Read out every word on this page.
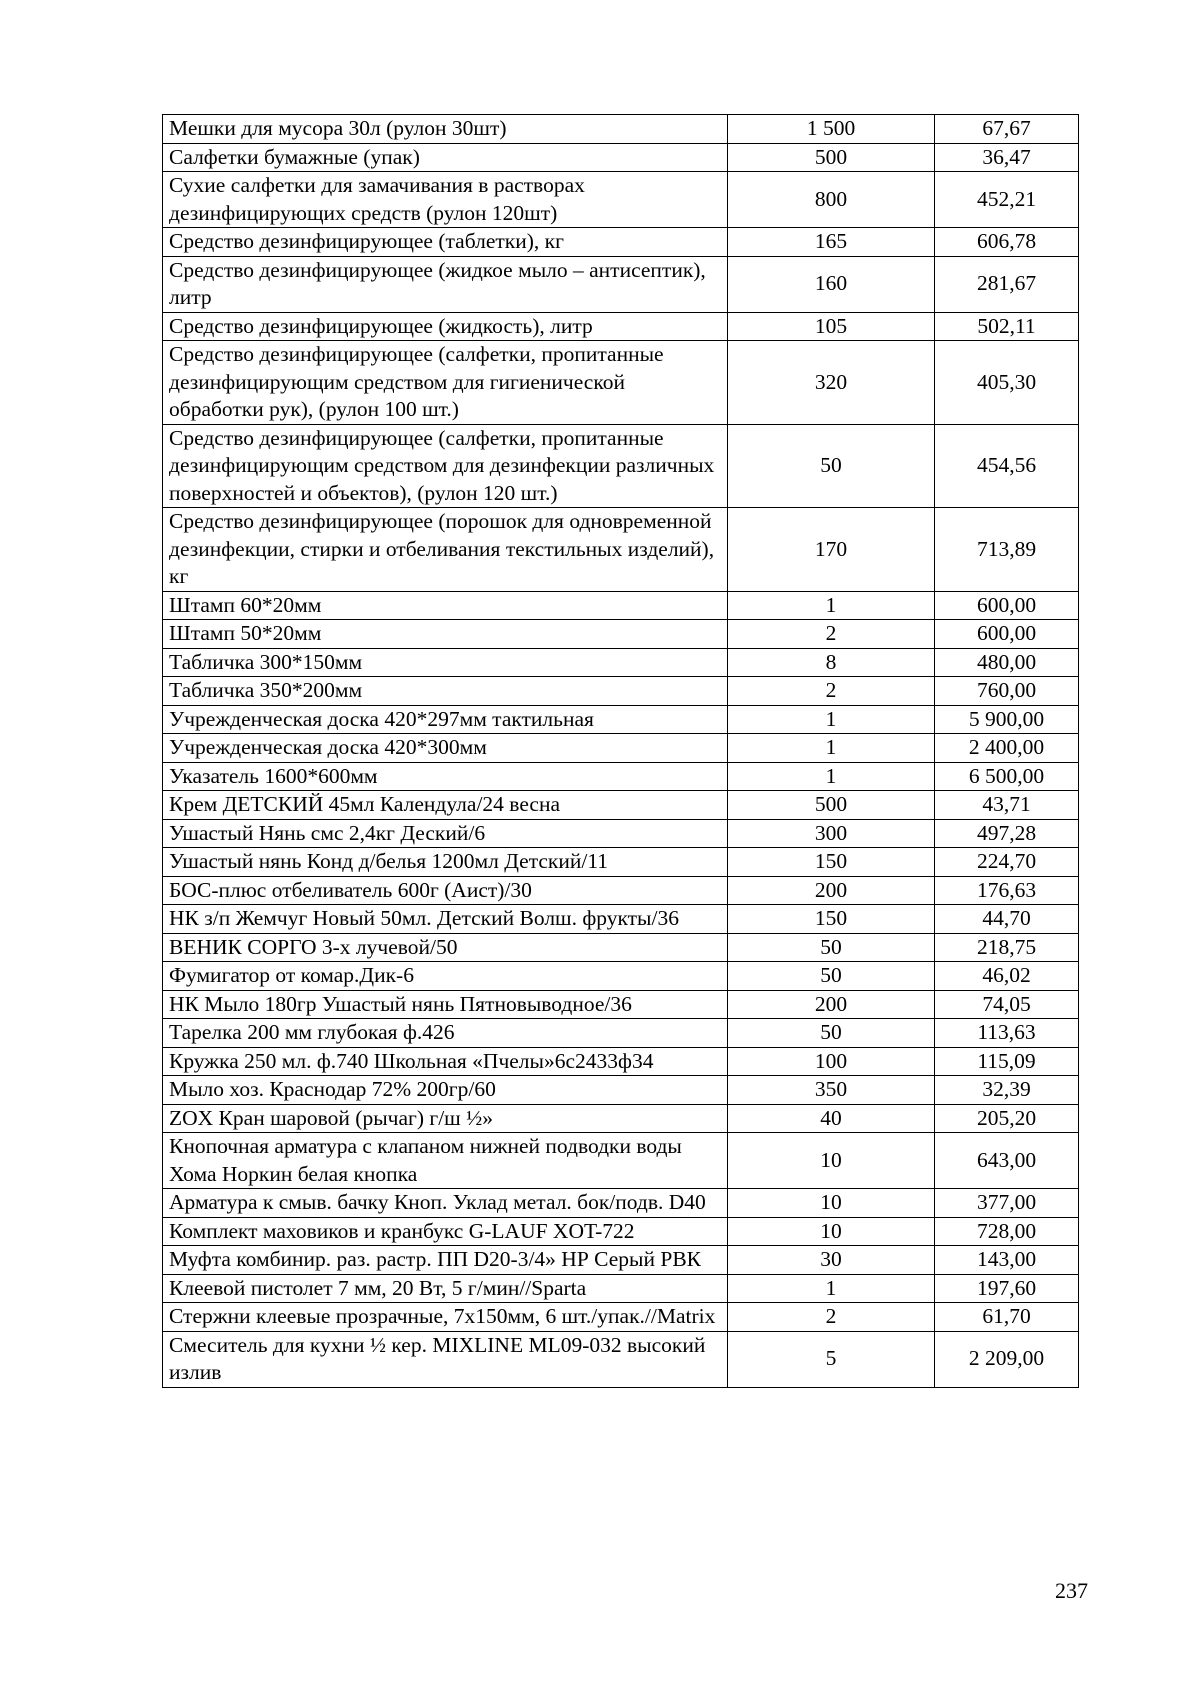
Мешки для мусора 30л (рулон 30шт)	1 500	67,67
Салфетки бумажные (упак)	500	36,47
Сухие салфетки для замачивания в растворах дезинфицирующих средств (рулон 120шт)	800	452,21
Средство дезинфицирующее (таблетки), кг	165	606,78
Средство дезинфицирующее (жидкое мыло – антисептик), литр	160	281,67
Средство дезинфицирующее (жидкость), литр	105	502,11
Средство дезинфицирующее (салфетки, пропитанные дезинфицирующим средством для гигиенической обработки рук), (рулон 100 шт.)	320	405,30
Средство дезинфицирующее (салфетки, пропитанные дезинфицирующим средством для дезинфекции различных поверхностей и объектов), (рулон 120 шт.)	50	454,56
Средство дезинфицирующее (порошок для одновременной дезинфекции, стирки и отбеливания текстильных изделий), кг	170	713,89
Штамп 60*20мм	1	600,00
Штамп 50*20мм	2	600,00
Табличка 300*150мм	8	480,00
Табличка 350*200мм	2	760,00
Учрежденческая доска 420*297мм тактильная	1	5 900,00
Учрежденческая доска 420*300мм	1	2 400,00
Указатель 1600*600мм	1	6 500,00
Крем ДЕТСКИЙ 45мл Календула/24 весна	500	43,71
Ушастый Нянь смс 2,4кг Деский/6	300	497,28
Ушастый нянь Конд д/белья 1200мл Детский/11	150	224,70
БОС-плюс отбеливатель 600г (Аист)/30	200	176,63
НК з/п Жемчуг Новый 50мл. Детский Волш. фрукты/36	150	44,70
ВЕНИК СОРГО 3-х лучевой/50	50	218,75
Фумигатор от комар.Дик-6	50	46,02
НК Мыло 180гр Ушастый нянь Пятновыводное/36	200	74,05
Тарелка 200 мм глубокая ф.426	50	113,63
Кружка 250 мл. ф.740 Школьная «Пчелы»6с2433ф34	100	115,09
Мыло хоз. Краснодар 72% 200гр/60	350	32,39
ZOX Кран шаровой (рычаг) г/ш ½»	40	205,20
Кнопочная арматура с клапаном нижней подводки воды Хома Норкин белая кнопка	10	643,00
Арматура к смыв. бачку Кноп. Уклад метал. бок/подв. D40	10	377,00
Комплект маховиков и кранбукс G-LAUF XOT-722	10	728,00
Муфта комбинир. раз. растр. ПП D20-3/4» НР Серый РВК	30	143,00
Клеевой пистолет 7 мм, 20 Вт, 5 г/мин//Sparta	1	197,60
Стержни клеевые прозрачные, 7х150мм, 6 шт./упак.//Matrix	2	61,70
Смеситель для кухни ½ кер. MIXLINE ML09-032 высокий излив	5	2 209,00
237
